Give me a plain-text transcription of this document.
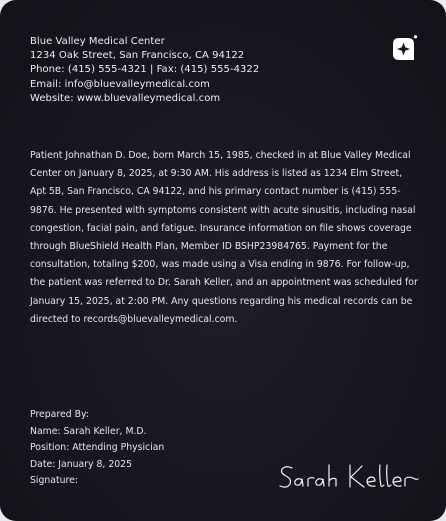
Blue Valley Medical Center
1234 Oak Street, San Francisco, CA 94122
Phone: (415) 555-4321 | Fax: (415) 555-4322
Email: info@bluevalleymedical.com
Website: www.bluevalleymedical.com
Patient Johnathan D. Doe, born March 15, 1985, checked in at Blue Valley Medical Center on January 8, 2025, at 9:30 AM. His address is listed as 1234 Elm Street, Apt 5B, San Francisco, CA 94122, and his primary contact number is (415) 555-9876. He presented with symptoms consistent with acute sinusitis, including nasal congestion, facial pain, and fatigue. Insurance information on file shows coverage through BlueShield Health Plan, Member ID BSHP23984765. Payment for the consultation, totaling $200, was made using a Visa ending in 9876. For follow-up, the patient was referred to Dr. Sarah Keller, and an appointment was scheduled for January 15, 2025, at 2:00 PM. Any questions regarding his medical records can be directed to records@bluevalleymedical.com.
Prepared By:
Name: Sarah Keller, M.D.
Position: Attending Physician
Date: January 8, 2025
Signature:
